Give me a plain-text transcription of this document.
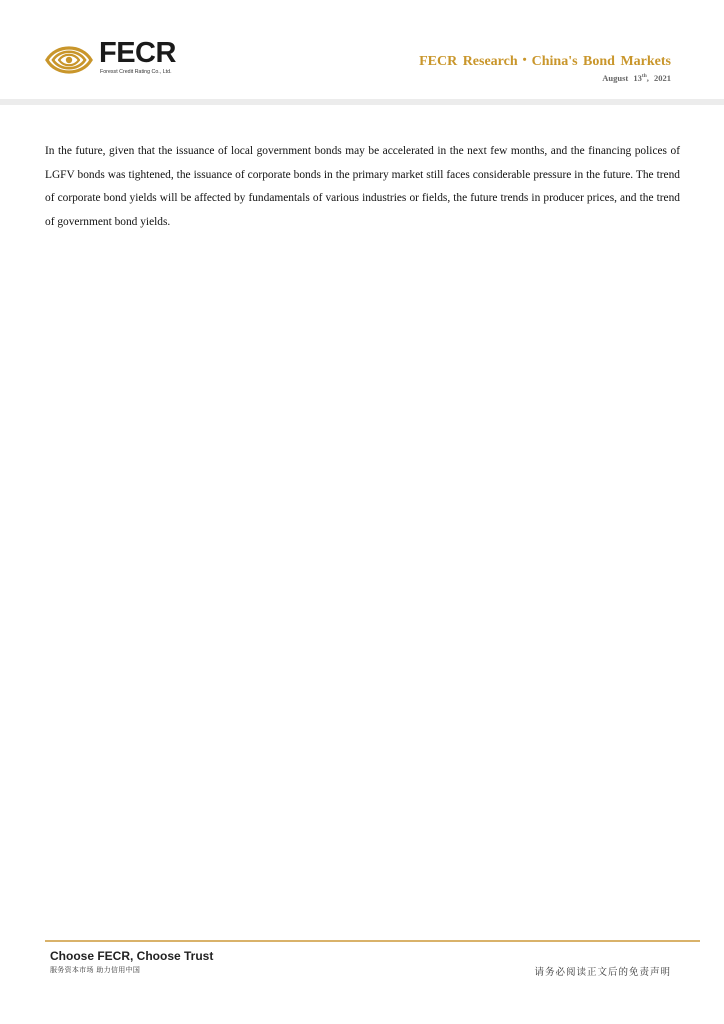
FECR
Foresst Credit Rating Co., Ltd.
FECR Research・China's Bond Markets
August 13th, 2021
In the future, given that the issuance of local government bonds may be accelerated in the next few months, and the financing polices of LGFV bonds was tightened, the issuance of corporate bonds in the primary market still faces considerable pressure in the future. The trend of corporate bond yields will be affected by fundamentals of various industries or fields, the future trends in producer prices, and the trend of government bond yields.
Choose FECR, Choose Trust
服务资本市场 助力信用中国	请务必阅读正文后的免责声明
